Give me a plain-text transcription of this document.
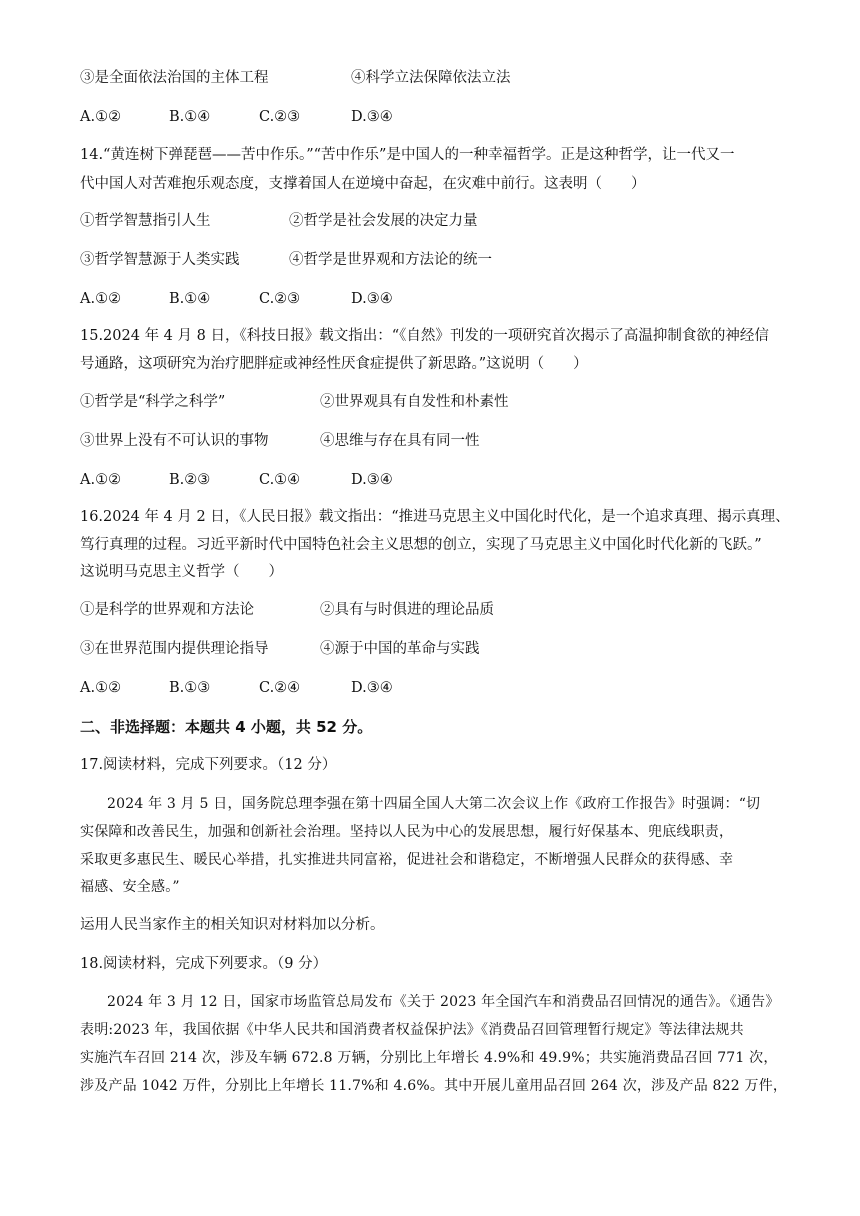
③是全面依法治国的主体工程	④科学立法保障依法立法
A.①②	B.①④	C.②③	D.③④
14.“黄连树下弹琵琶——苦中作乐。”“苦中作乐”是中国人的一种幸福哲学。正是这种哲学，让一代又一
代中国人对苦难抱乐观态度，支撑着国人在逆境中奋起，在灾难中前行。这表明（　　）
①哲学智慧指引人生	②哲学是社会发展的决定力量
③哲学智慧源于人类实践	④哲学是世界观和方法论的统一
A.①②	B.①④	C.②③	D.③④
15.2024 年 4 月 8 日，《科技日报》载文指出：“《自然》刊发的一项研究首次揭示了高温抑制食欲的神经信
号通路，这项研究为治疗肥胖症或神经性厌食症提供了新思路。”这说明（　　）
①哲学是“科学之科学”	②世界观具有自发性和朴素性
③世界上没有不可认识的事物	④思维与存在具有同一性
A.①②	B.②③	C.①④	D.③④
16.2024 年 4 月 2 日，《人民日报》载文指出：“推进马克思主义中国化时代化，是一个追求真理、揭示真理、
笃行真理的过程。习近平新时代中国特色社会主义思想的创立，实现了马克思主义中国化时代化新的飞跃。”
这说明马克思主义哲学（　　）
①是科学的世界观和方法论	②具有与时俱进的理论品质
③在世界范围内提供理论指导	④源于中国的革命与实践
A.①②	B.①③	C.②④	D.③④
二、非选择题：本题共 4 小题，共 52 分。
17.阅读材料，完成下列要求。（12 分）
2024 年 3 月 5 日，国务院总理李强在第十四届全国人大第二次会议上作《政府工作报告》时强调：“切
实保障和改善民生，加强和创新社会治理。坚持以人民为中心的发展思想，履行好保基本、兜底线职责，
采取更多惠民生、暖民心举措，扎实推进共同富裕，促进社会和谐稳定，不断增强人民群众的获得感、幸
福感、安全感。”
运用人民当家作主的相关知识对材料加以分析。
18.阅读材料，完成下列要求。（9 分）
2024 年 3 月 12 日，国家市场监管总局发布《关于 2023 年全国汽车和消费品召回情况的通告》。《通告》
表明:2023 年，我国依据《中华人民共和国消费者权益保护法》《消费品召回管理暂行规定》等法律法规共
实施汽车召回 214 次，涉及车辆 672.8 万辆，分别比上年增长 4.9%和 49.9%；共实施消费品召回 771 次，
涉及产品 1042 万件，分别比上年增长 11.7%和 4.6%。其中开展儿童用品召回 264 次，涉及产品 822 万件，
